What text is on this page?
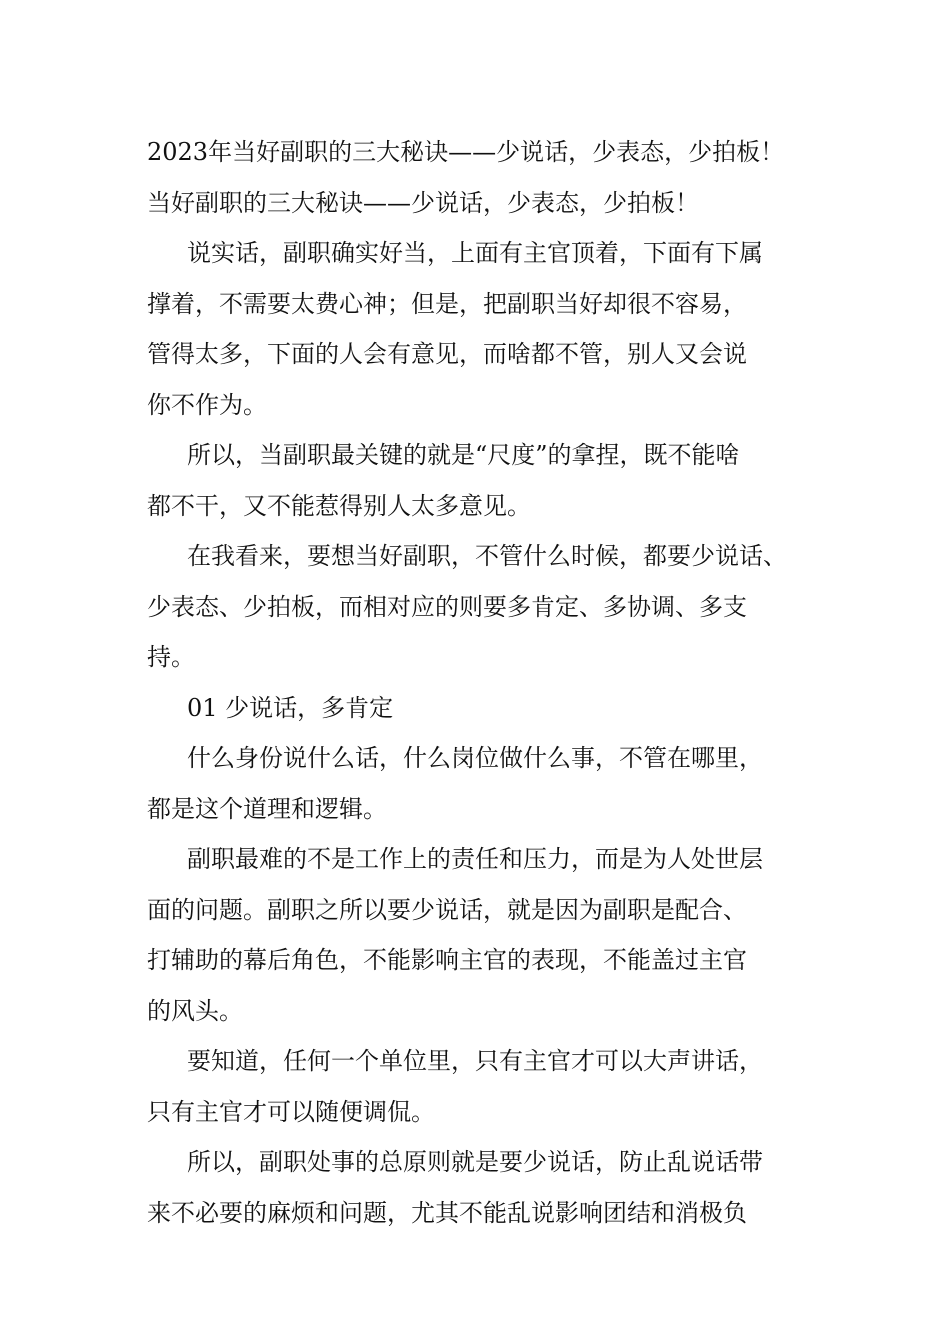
2023年当好副职的三大秘诀——少说话，少表态，少拍板！

当好副职的三大秘诀——少说话，少表态，少拍板！

说实话，副职确实好当，上面有主官顶着，下面有下属

撑着，不需要太费心神；但是，把副职当好却很不容易，

管得太多，下面的人会有意见，而啥都不管，别人又会说

你不作为。

所以，当副职最关键的就是“尺度”的拿捏，既不能啥

都不干，又不能惹得别人太多意见。

在我看来，要想当好副职，不管什么时候，都要少说话、

少表态、少拍板，而相对应的则要多肯定、多协调、多支

持。

01 少说话，多肯定

什么身份说什么话，什么岗位做什么事，不管在哪里，

都是这个道理和逻辑。

副职最难的不是工作上的责任和压力，而是为人处世层

面的问题。副职之所以要少说话，就是因为副职是配合、

打辅助的幕后角色，不能影响主官的表现，不能盖过主官

的风头。

要知道，任何一个单位里，只有主官才可以大声讲话，

只有主官才可以随便调侃。

所以，副职处事的总原则就是要少说话，防止乱说话带

来不必要的麻烦和问题，尤其不能乱说影响团结和消极负
